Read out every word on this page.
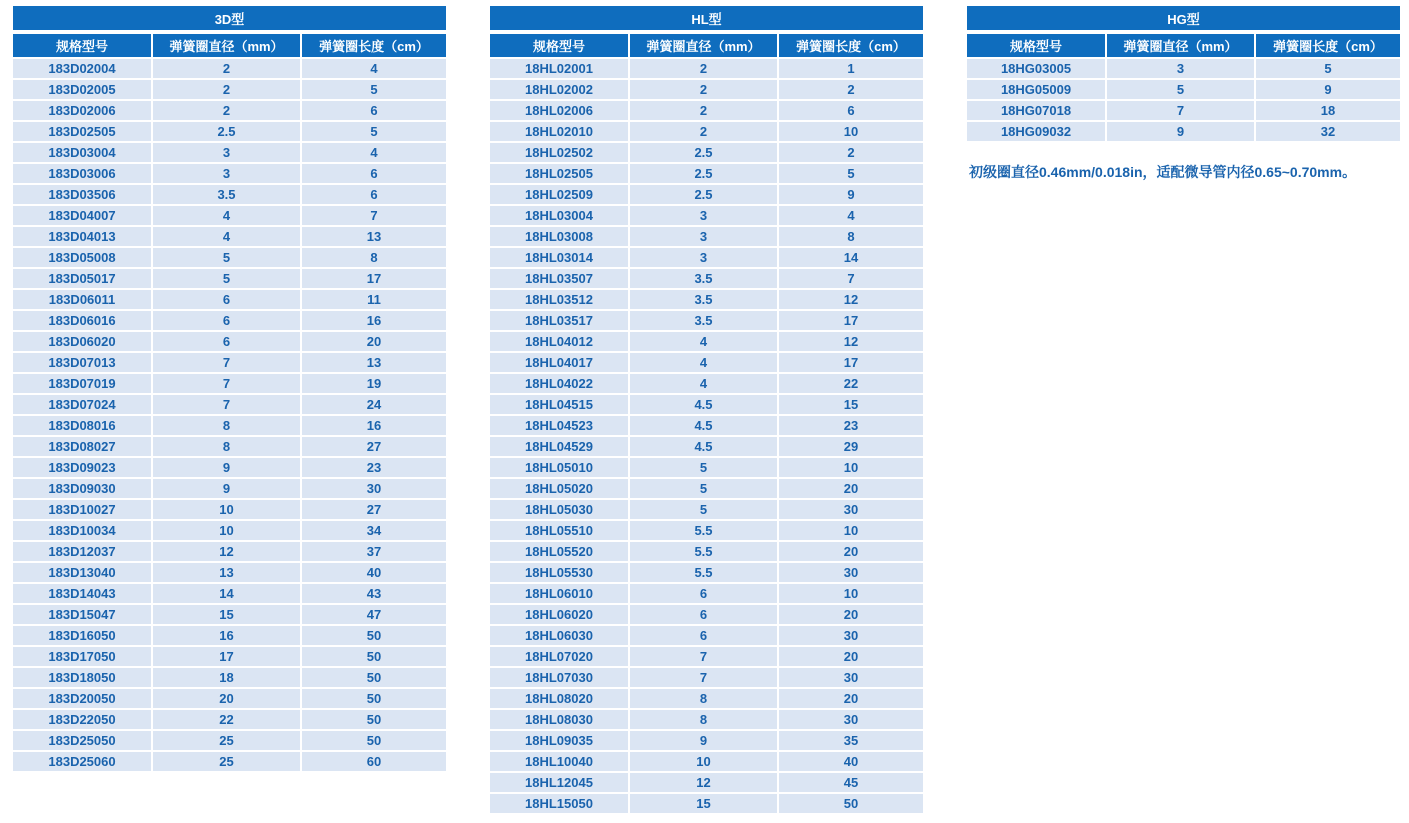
3D型
规格型号	弹簧圈直径（mm）	弹簧圈长度（cm）
183D02004	2	4
183D02005	2	5
183D02006	2	6
183D02505	2.5	5
183D03004	3	4
183D03006	3	6
183D03506	3.5	6
183D04007	4	7
183D04013	4	13
183D05008	5	8
183D05017	5	17
183D06011	6	11
183D06016	6	16
183D06020	6	20
183D07013	7	13
183D07019	7	19
183D07024	7	24
183D08016	8	16
183D08027	8	27
183D09023	9	23
183D09030	9	30
183D10027	10	27
183D10034	10	34
183D12037	12	37
183D13040	13	40
183D14043	14	43
183D15047	15	47
183D16050	16	50
183D17050	17	50
183D18050	18	50
183D20050	20	50
183D22050	22	50
183D25050	25	50
183D25060	25	60
HL型
规格型号	弹簧圈直径（mm）	弹簧圈长度（cm）
18HL02001	2	1
18HL02002	2	2
18HL02006	2	6
18HL02010	2	10
18HL02502	2.5	2
18HL02505	2.5	5
18HL02509	2.5	9
18HL03004	3	4
18HL03008	3	8
18HL03014	3	14
18HL03507	3.5	7
18HL03512	3.5	12
18HL03517	3.5	17
18HL04012	4	12
18HL04017	4	17
18HL04022	4	22
18HL04515	4.5	15
18HL04523	4.5	23
18HL04529	4.5	29
18HL05010	5	10
18HL05020	5	20
18HL05030	5	30
18HL05510	5.5	10
18HL05520	5.5	20
18HL05530	5.5	30
18HL06010	6	10
18HL06020	6	20
18HL06030	6	30
18HL07020	7	20
18HL07030	7	30
18HL08020	8	20
18HL08030	8	30
18HL09035	9	35
18HL10040	10	40
18HL12045	12	45
18HL15050	15	50
HG型
规格型号	弹簧圈直径（mm）	弹簧圈长度（cm）
18HG03005	3	5
18HG05009	5	9
18HG07018	7	18
18HG09032	9	32
初级圈直径0.46mm/0.018in，适配微导管内径0.65~0.70mm。
